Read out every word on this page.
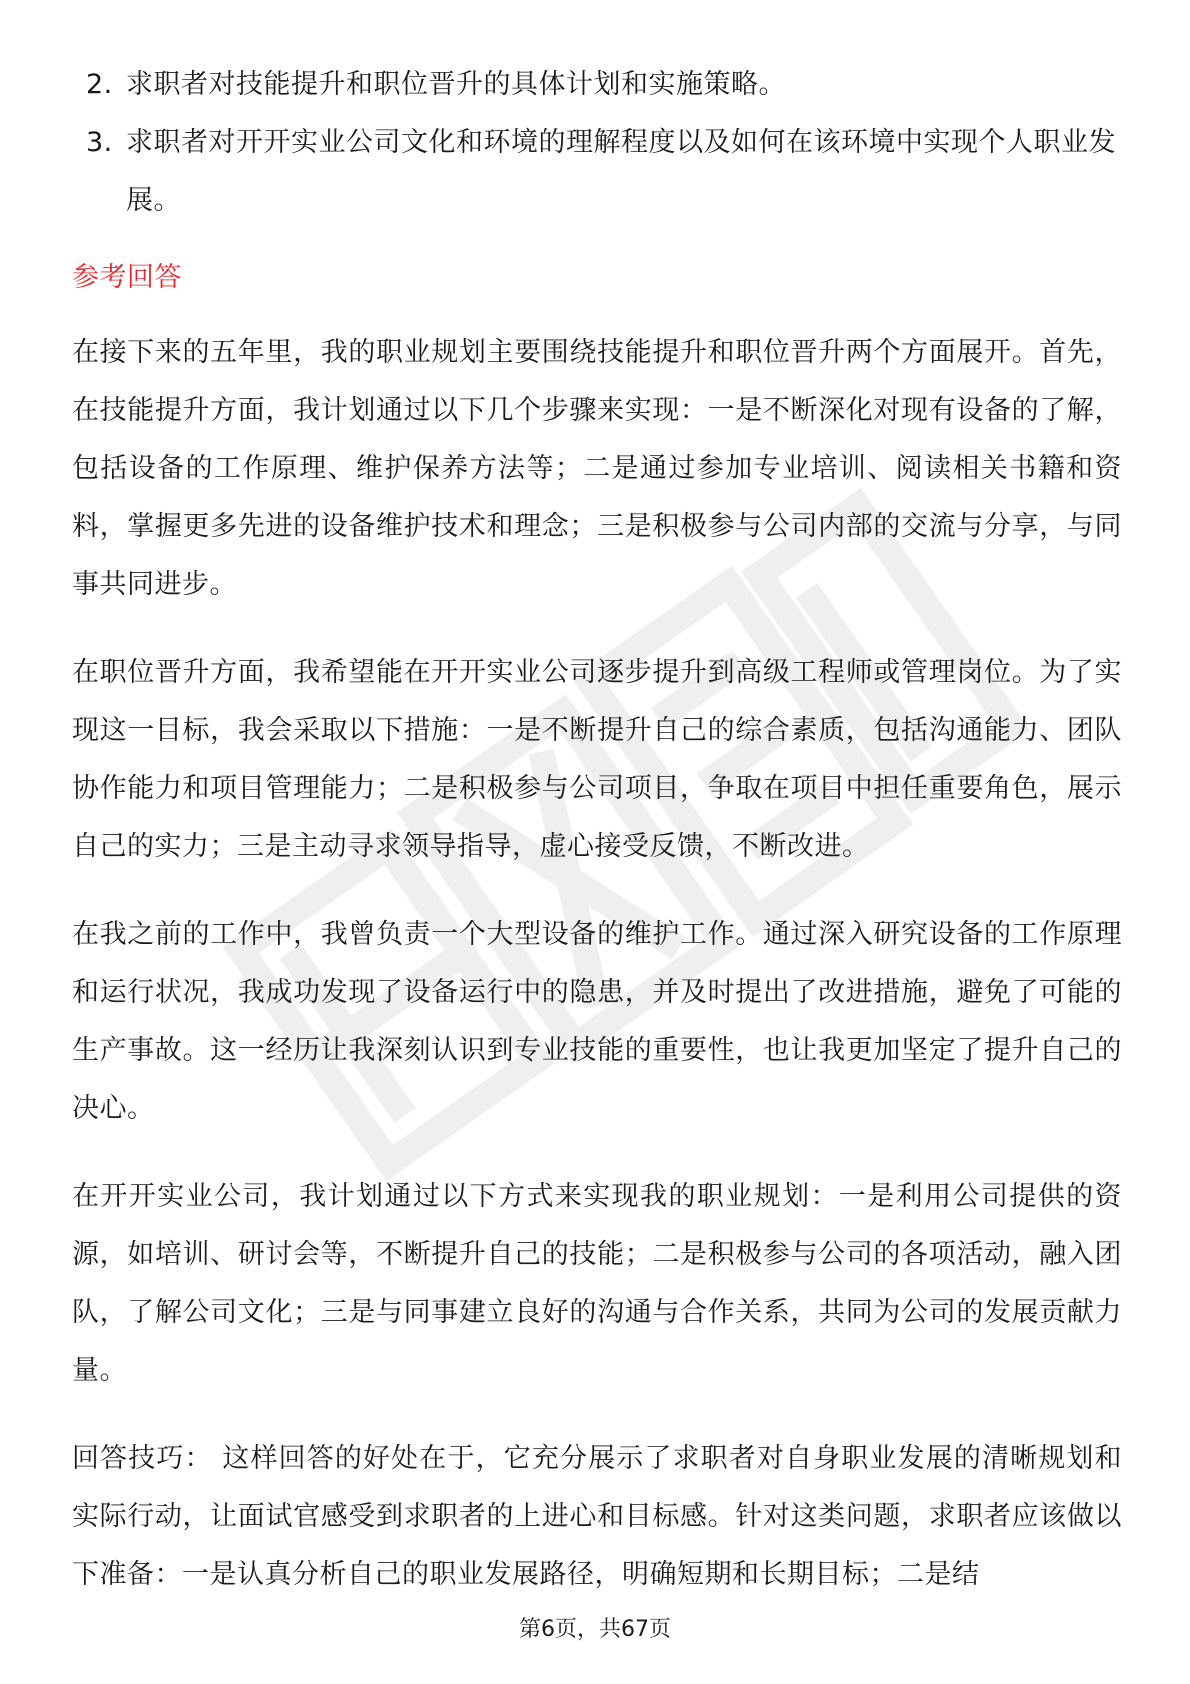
2. 求职者对技能提升和职位晋升的具体计划和实施策略。
3. 求职者对开开实业公司文化和环境的理解程度以及如何在该环境中实现个人职业发展。
参考回答

在接下来的五年里，我的职业规划主要围绕技能提升和职位晋升两个方面展开。首先，在技能提升方面，我计划通过以下几个步骤来实现：一是不断深化对现有设备的了解，包括设备的工作原理、维护保养方法等；二是通过参加专业培训、阅读相关书籍和资料，掌握更多先进的设备维护技术和理念；三是积极参与公司内部的交流与分享，与同事共同进步。

在职位晋升方面，我希望能在开开实业公司逐步提升到高级工程师或管理岗位。为了实现这一目标，我会采取以下措施：一是不断提升自己的综合素质，包括沟通能力、团队协作能力和项目管理能力；二是积极参与公司项目，争取在项目中担任重要角色，展示自己的实力；三是主动寻求领导指导，虚心接受反馈，不断改进。

在我之前的工作中，我曾负责一个大型设备的维护工作。通过深入研究设备的工作原理和运行状况，我成功发现了设备运行中的隐患，并及时提出了改进措施，避免了可能的生产事故。这一经历让我深刻认识到专业技能的重要性，也让我更加坚定了提升自己的决心。

在开开实业公司，我计划通过以下方式来实现我的职业规划：一是利用公司提供的资源，如培训、研讨会等，不断提升自己的技能；二是积极参与公司的各项活动，融入团队，了解公司文化；三是与同事建立良好的沟通与合作关系，共同为公司的发展贡献力量。

回答技巧： 这样回答的好处在于，它充分展示了求职者对自身职业发展的清晰规划和实际行动，让面试官感受到求职者的上进心和目标感。针对这类问题，求职者应该做以下准备：一是认真分析自己的职业发展路径，明确短期和长期目标；二是结

第6页，共67页
